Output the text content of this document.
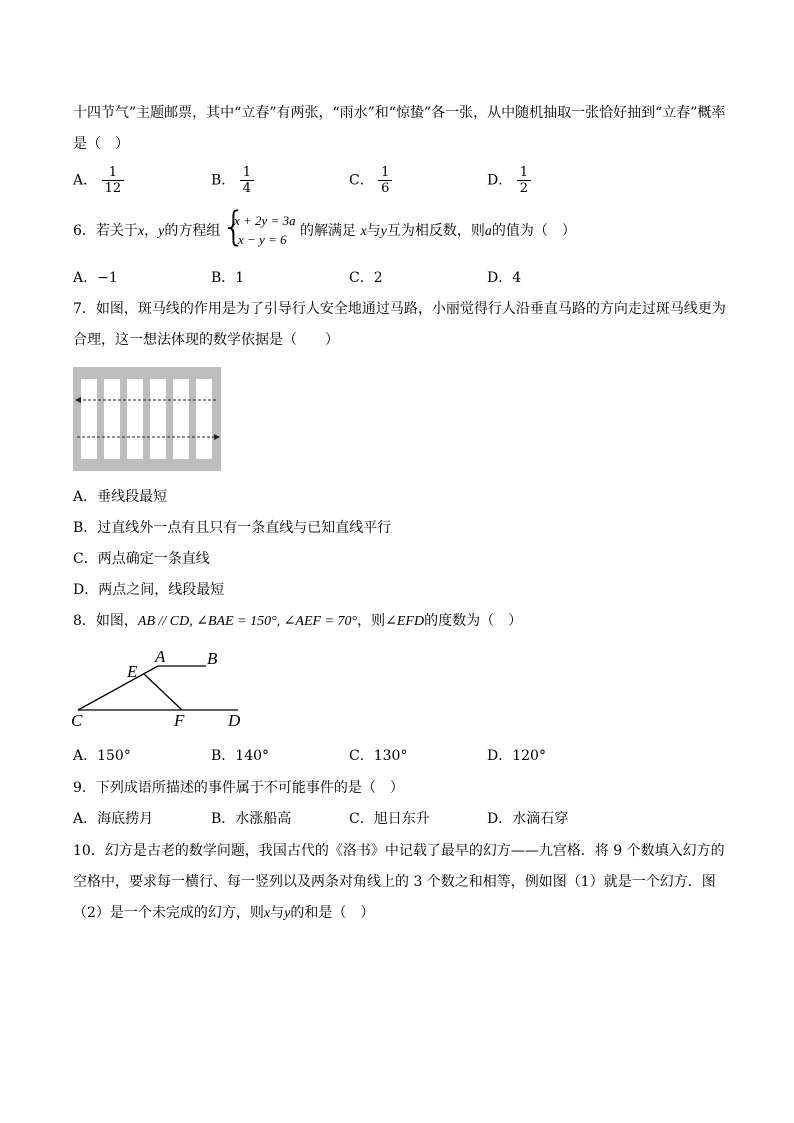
十四节气”主题邮票，其中“立春”有两张，“雨水”和“惊蛰”各一张，从中随机抽取一张恰好抽到“立春”概率
是（　）
A． $\frac{1}{12}$	B． $\frac{1}{4}$	C． $\frac{1}{6}$	D． $\frac{1}{2}$
6．若关于x，y的方程组 {
x + 2y = 3a
x − y = 6
的解满足 x与y互为相反数，则a的值为（　）
A．−1	B．1	C．2	D．4
7．如图，斑马线的作用是为了引导行人安全地通过马路，小丽觉得行人沿垂直马路的方向走过斑马线更为
合理，这一想法体现的数学依据是（　　）
A．垂线段最短
B．过直线外一点有且只有一条直线与已知直线平行
C．两点确定一条直线
D．两点之间，线段最短
8．如图，AB // CD, ∠BAE = 150°, ∠AEF = 70°，则∠EFD的度数为（　）
A B
E
C	F	D
A．150°	B．140°	C．130°	D．120°
9．下列成语所描述的事件属于不可能事件的是（　）
A．海底捞月	B．水涨船高	C．旭日东升	D．水滴石穿
10．幻方是古老的数学问题，我国古代的《洛书》中记载了最早的幻方——九宫格．将 9 个数填入幻方的
空格中，要求每一横行、每一竖列以及两条对角线上的 3 个数之和相等，例如图（1）就是一个幻方．图
（2）是一个未完成的幻方，则x与y的和是（　）
